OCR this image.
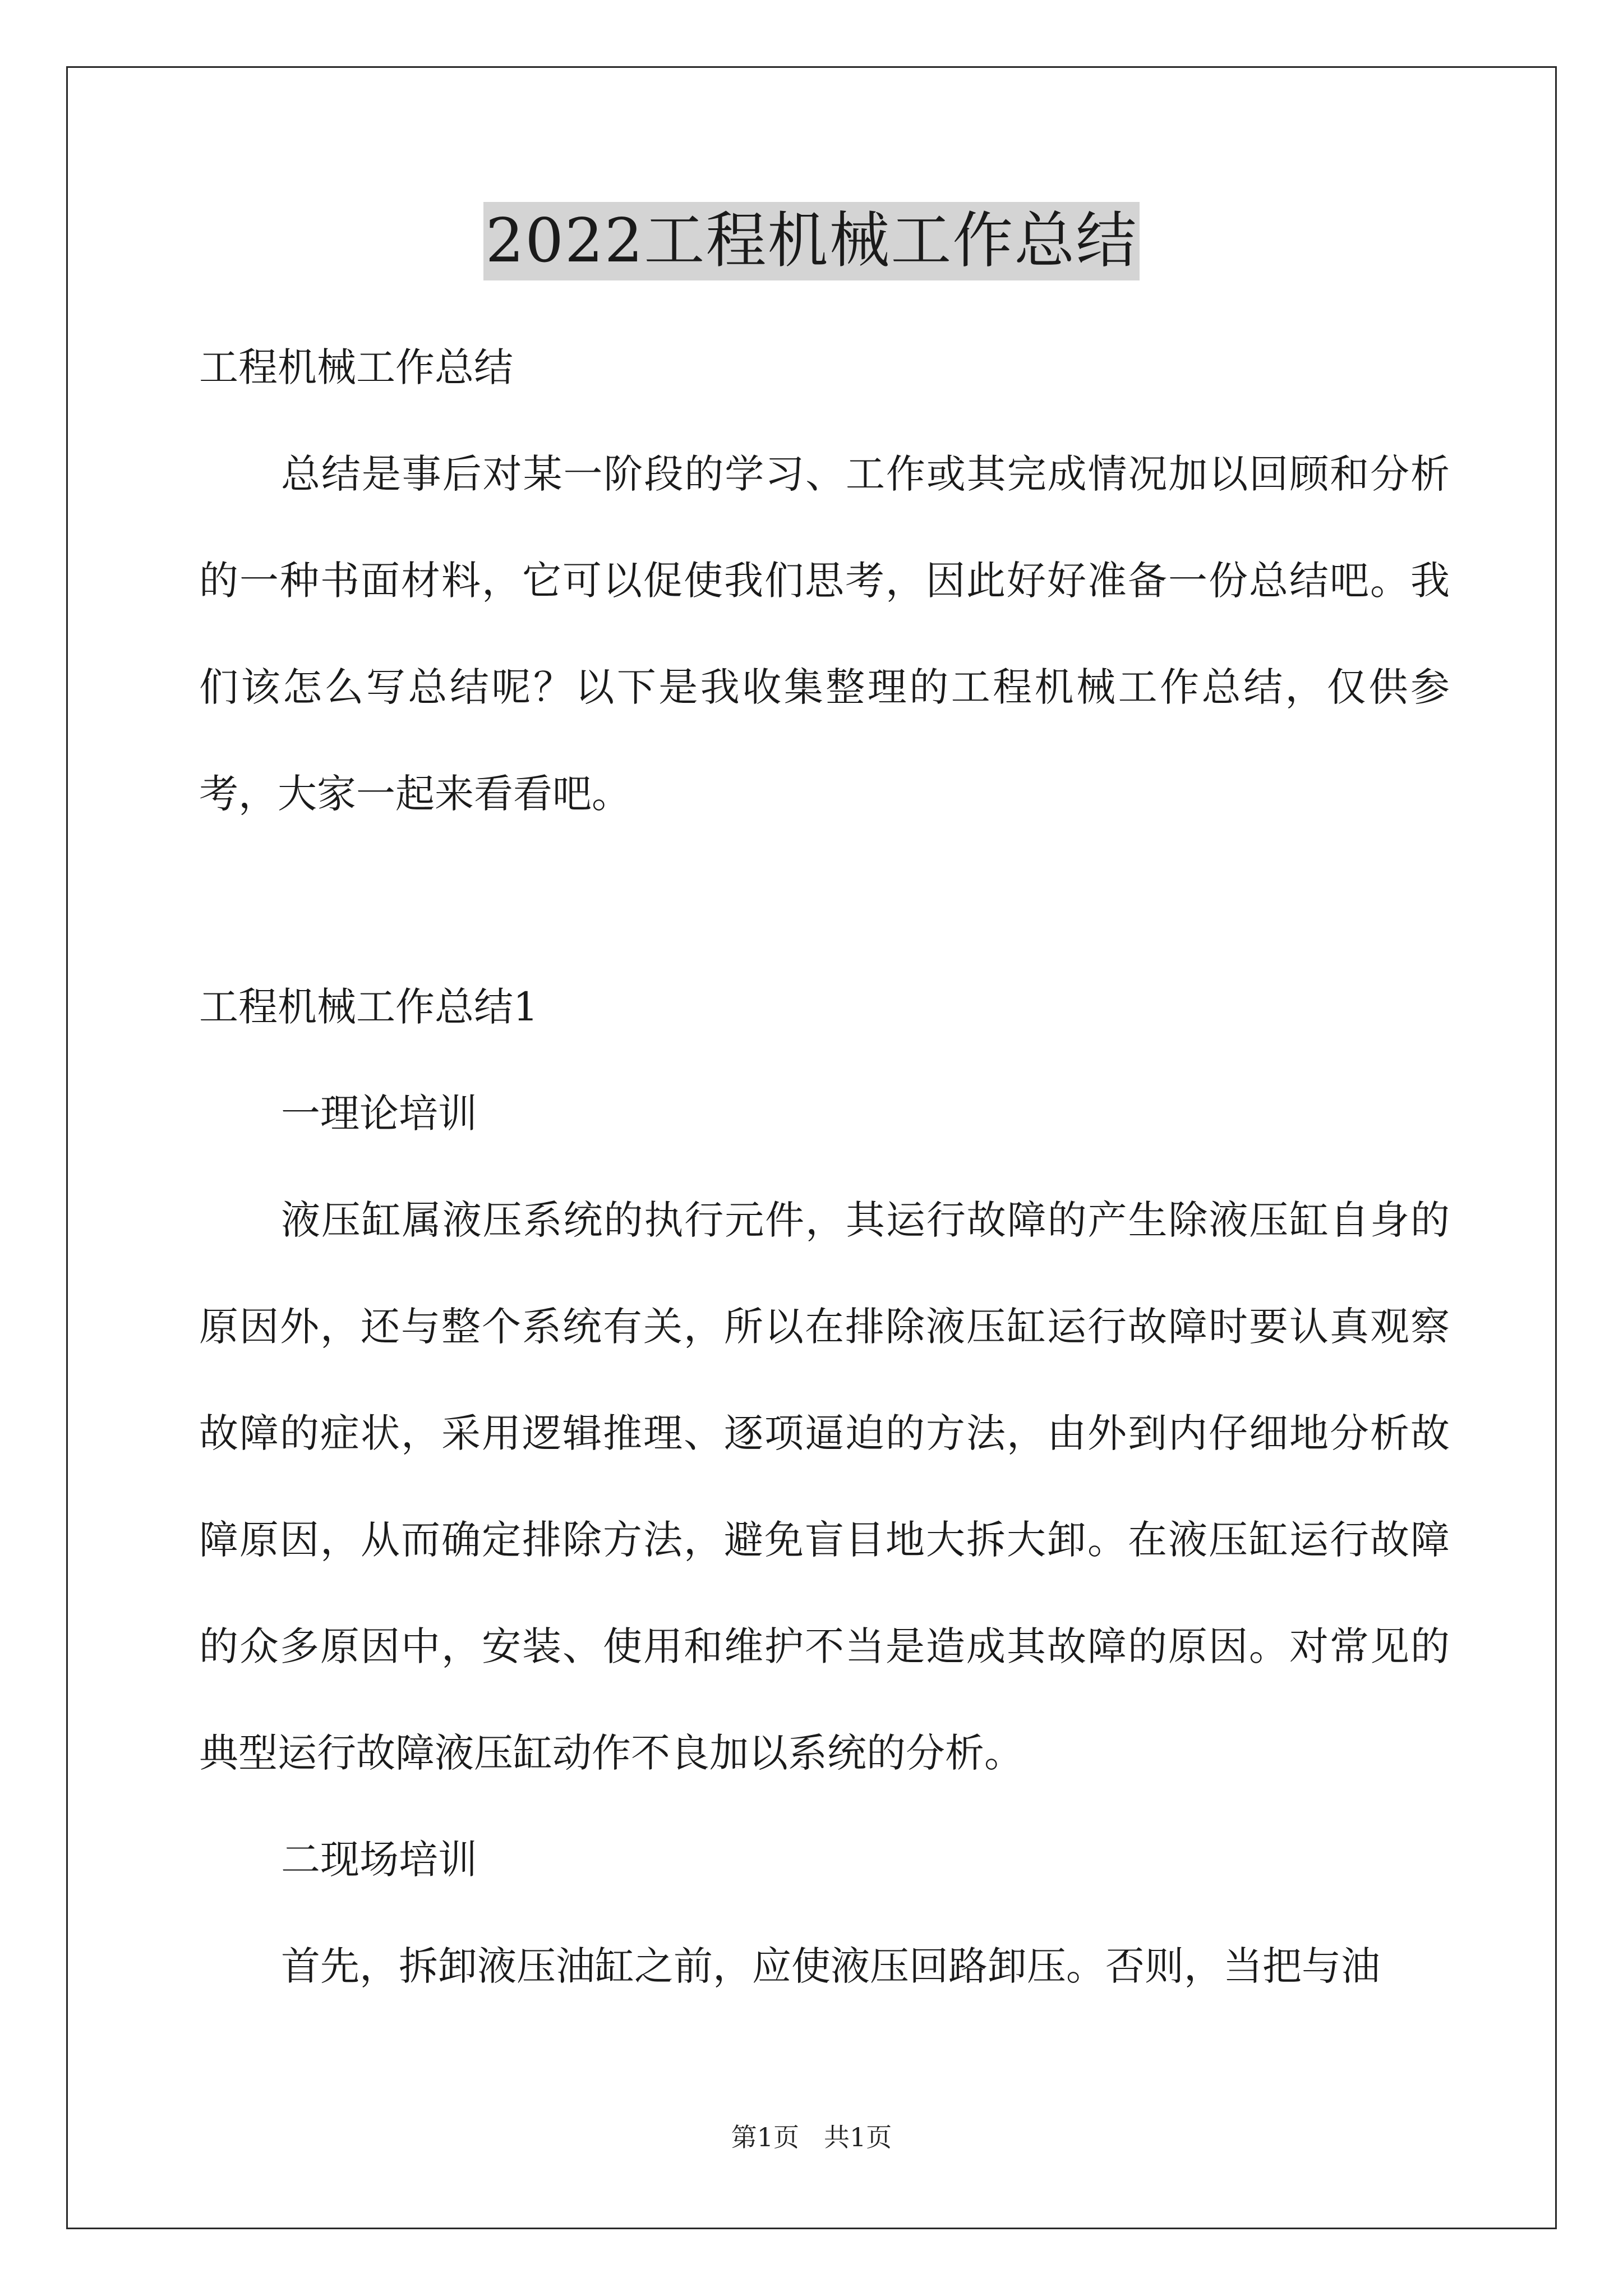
2022工程机械工作总结

工程机械工作总结

总结是事后对某一阶段的学习、工作或其完成情况加以回顾和分析的一种书面材料，它可以促使我们思考，因此好好准备一份总结吧。我们该怎么写总结呢？以下是我收集整理的工程机械工作总结，仅供参考，大家一起来看看吧。

工程机械工作总结1

一理论培训

液压缸属液压系统的执行元件，其运行故障的产生除液压缸自身的原因外，还与整个系统有关，所以在排除液压缸运行故障时要认真观察故障的症状，采用逻辑推理、逐项逼迫的方法，由外到内仔细地分析故障原因，从而确定排除方法，避免盲目地大拆大卸。在液压缸运行故障的众多原因中，安装、使用和维护不当是造成其故障的原因。对常见的典型运行故障液压缸动作不良加以系统的分析。

二现场培训

首先，拆卸液压油缸之前，应使液压回路卸压。否则，当把与油

第1页 共1页
